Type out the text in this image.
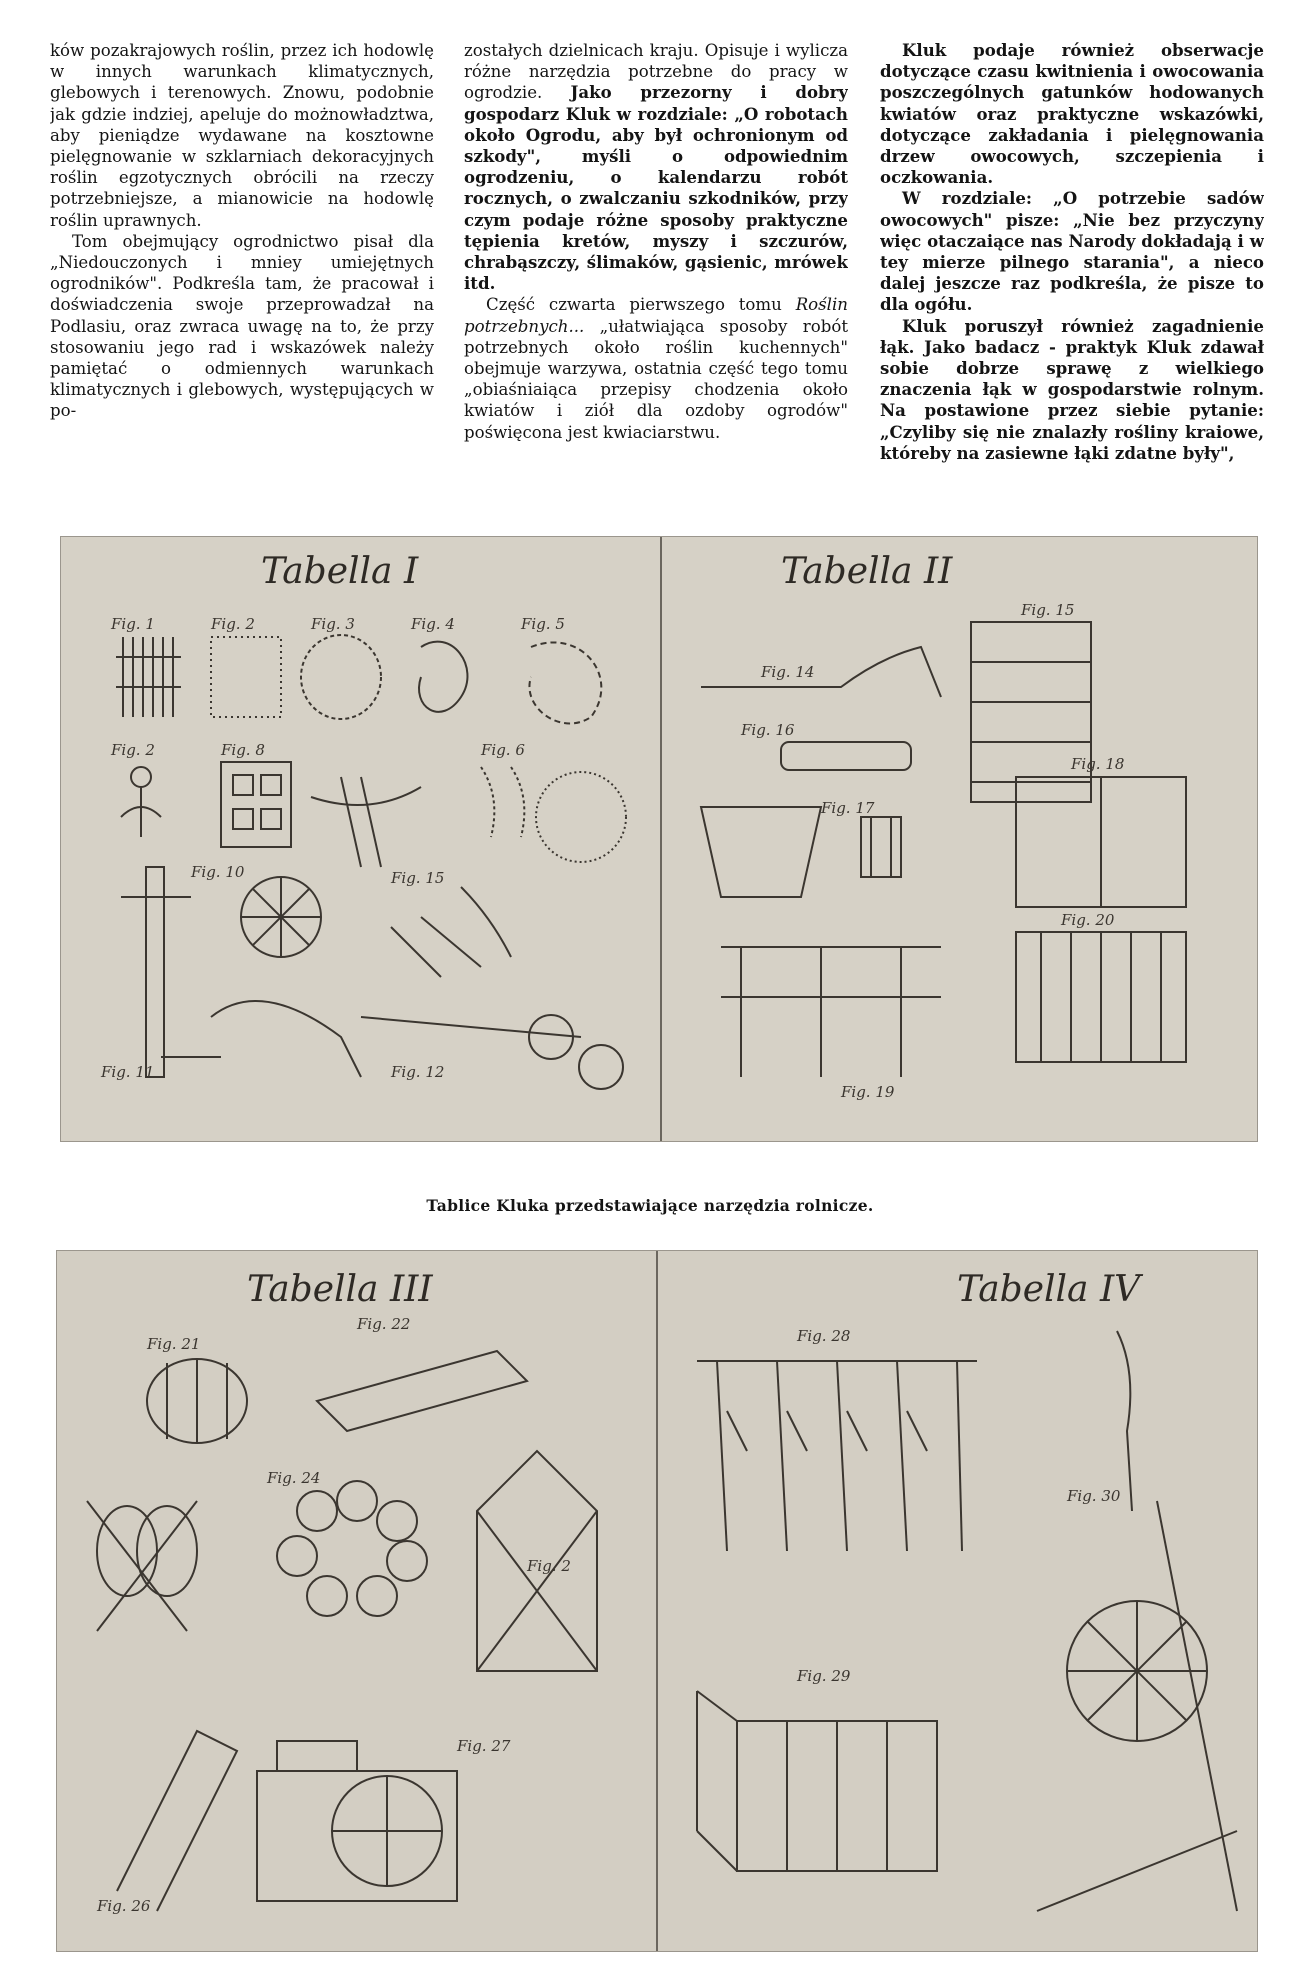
ków pozakrajowych roślin, przez ich hodowlę w innych warunkach klimatycznych, glebowych i terenowych. Znowu, podobnie jak gdzie indziej, apeluje do możnowładztwa, aby pieniądze wydawane na kosztowne pielęgnowanie w szklarniach dekoracyjnych roślin egzotycznych obrócili na rzeczy potrzebniejsze, a mianowicie na hodowlę roślin uprawnych.

Tom obejmujący ogrodnictwo pisał dla „Niedouczonych i mniey umiejętnych ogrodników". Podkreśla tam, że pracował i doświadczenia swoje przeprowadzał na Podlasiu, oraz zwraca uwagę na to, że przy stosowaniu jego rad i wskazówek należy pamiętać o odmiennych warunkach klimatycznych i glebowych, występujących w po-

zostałych dzielnicach kraju. Opisuje i wylicza różne narzędzia potrzebne do pracy w ogrodzie. Jako przezorny i dobry gospodarz Kluk w rozdziale: „O robotach około Ogrodu, aby był ochronionym od szkody", myśli o odpowiednim ogrodzeniu, o kalendarzu robót rocznych, o zwalczaniu szkodników, przy czym podaje różne sposoby praktyczne tępienia kretów, myszy i szczurów, chrabąszczy, ślimaków, gąsienic, mrówek itd.

Część czwarta pierwszego tomu Roślin potrzebnych... „ułatwiająca sposoby robót potrzebnych około roślin kuchennych" obejmuje warzywa, ostatnia część tego tomu „obiaśniaiąca przepisy chodzenia około kwiatów i ziół dla ozdoby ogrodów" poświęcona jest kwiaciarstwu.

Kluk podaje również obserwacje dotyczące czasu kwitnienia i owocowania poszczególnych gatunków hodowanych kwiatów oraz praktyczne wskazówki, dotyczące zakładania i pielęgnowania drzew owocowych, szczepienia i oczkowania.

W rozdziale: „O potrzebie sadów owocowych" pisze: „Nie bez przyczyny więc otaczaiące nas Narody dokładają i w tey mierze pilnego starania", a nieco dalej jeszcze raz podkreśla, że pisze to dla ogółu.

Kluk poruszył również zagadnienie łąk. Jako badacz - praktyk Kluk zdawał sobie dobrze sprawę z wielkiego znaczenia łąk w gospodarstwie rolnym. Na postawione przez siebie pytanie: „Czyliby się nie znalazły rośliny kraiowe, któreby na zasiewne łąki zdatne były",

Tabella I	Tabella II
Fig. 1	Fig. 2	Fig. 3	Fig. 4	Fig. 5
Fig. 2	Fig. 8	Fig. 6
Fig. 10	Fig. 15
Fig. 11	Fig. 12
Fig. 14
Fig. 15
Fig. 16
Fig. 17
Fig. 18
Fig. 19
Fig. 20
Tablice Kluka przedstawiające narzędzia rolnicze.
Tabella III	Tabella IV
Fig. 21
Fig. 22
Fig. 24
Fig. 2
Fig. 26
Fig. 27
Fig. 28
Fig. 29
Fig. 30
